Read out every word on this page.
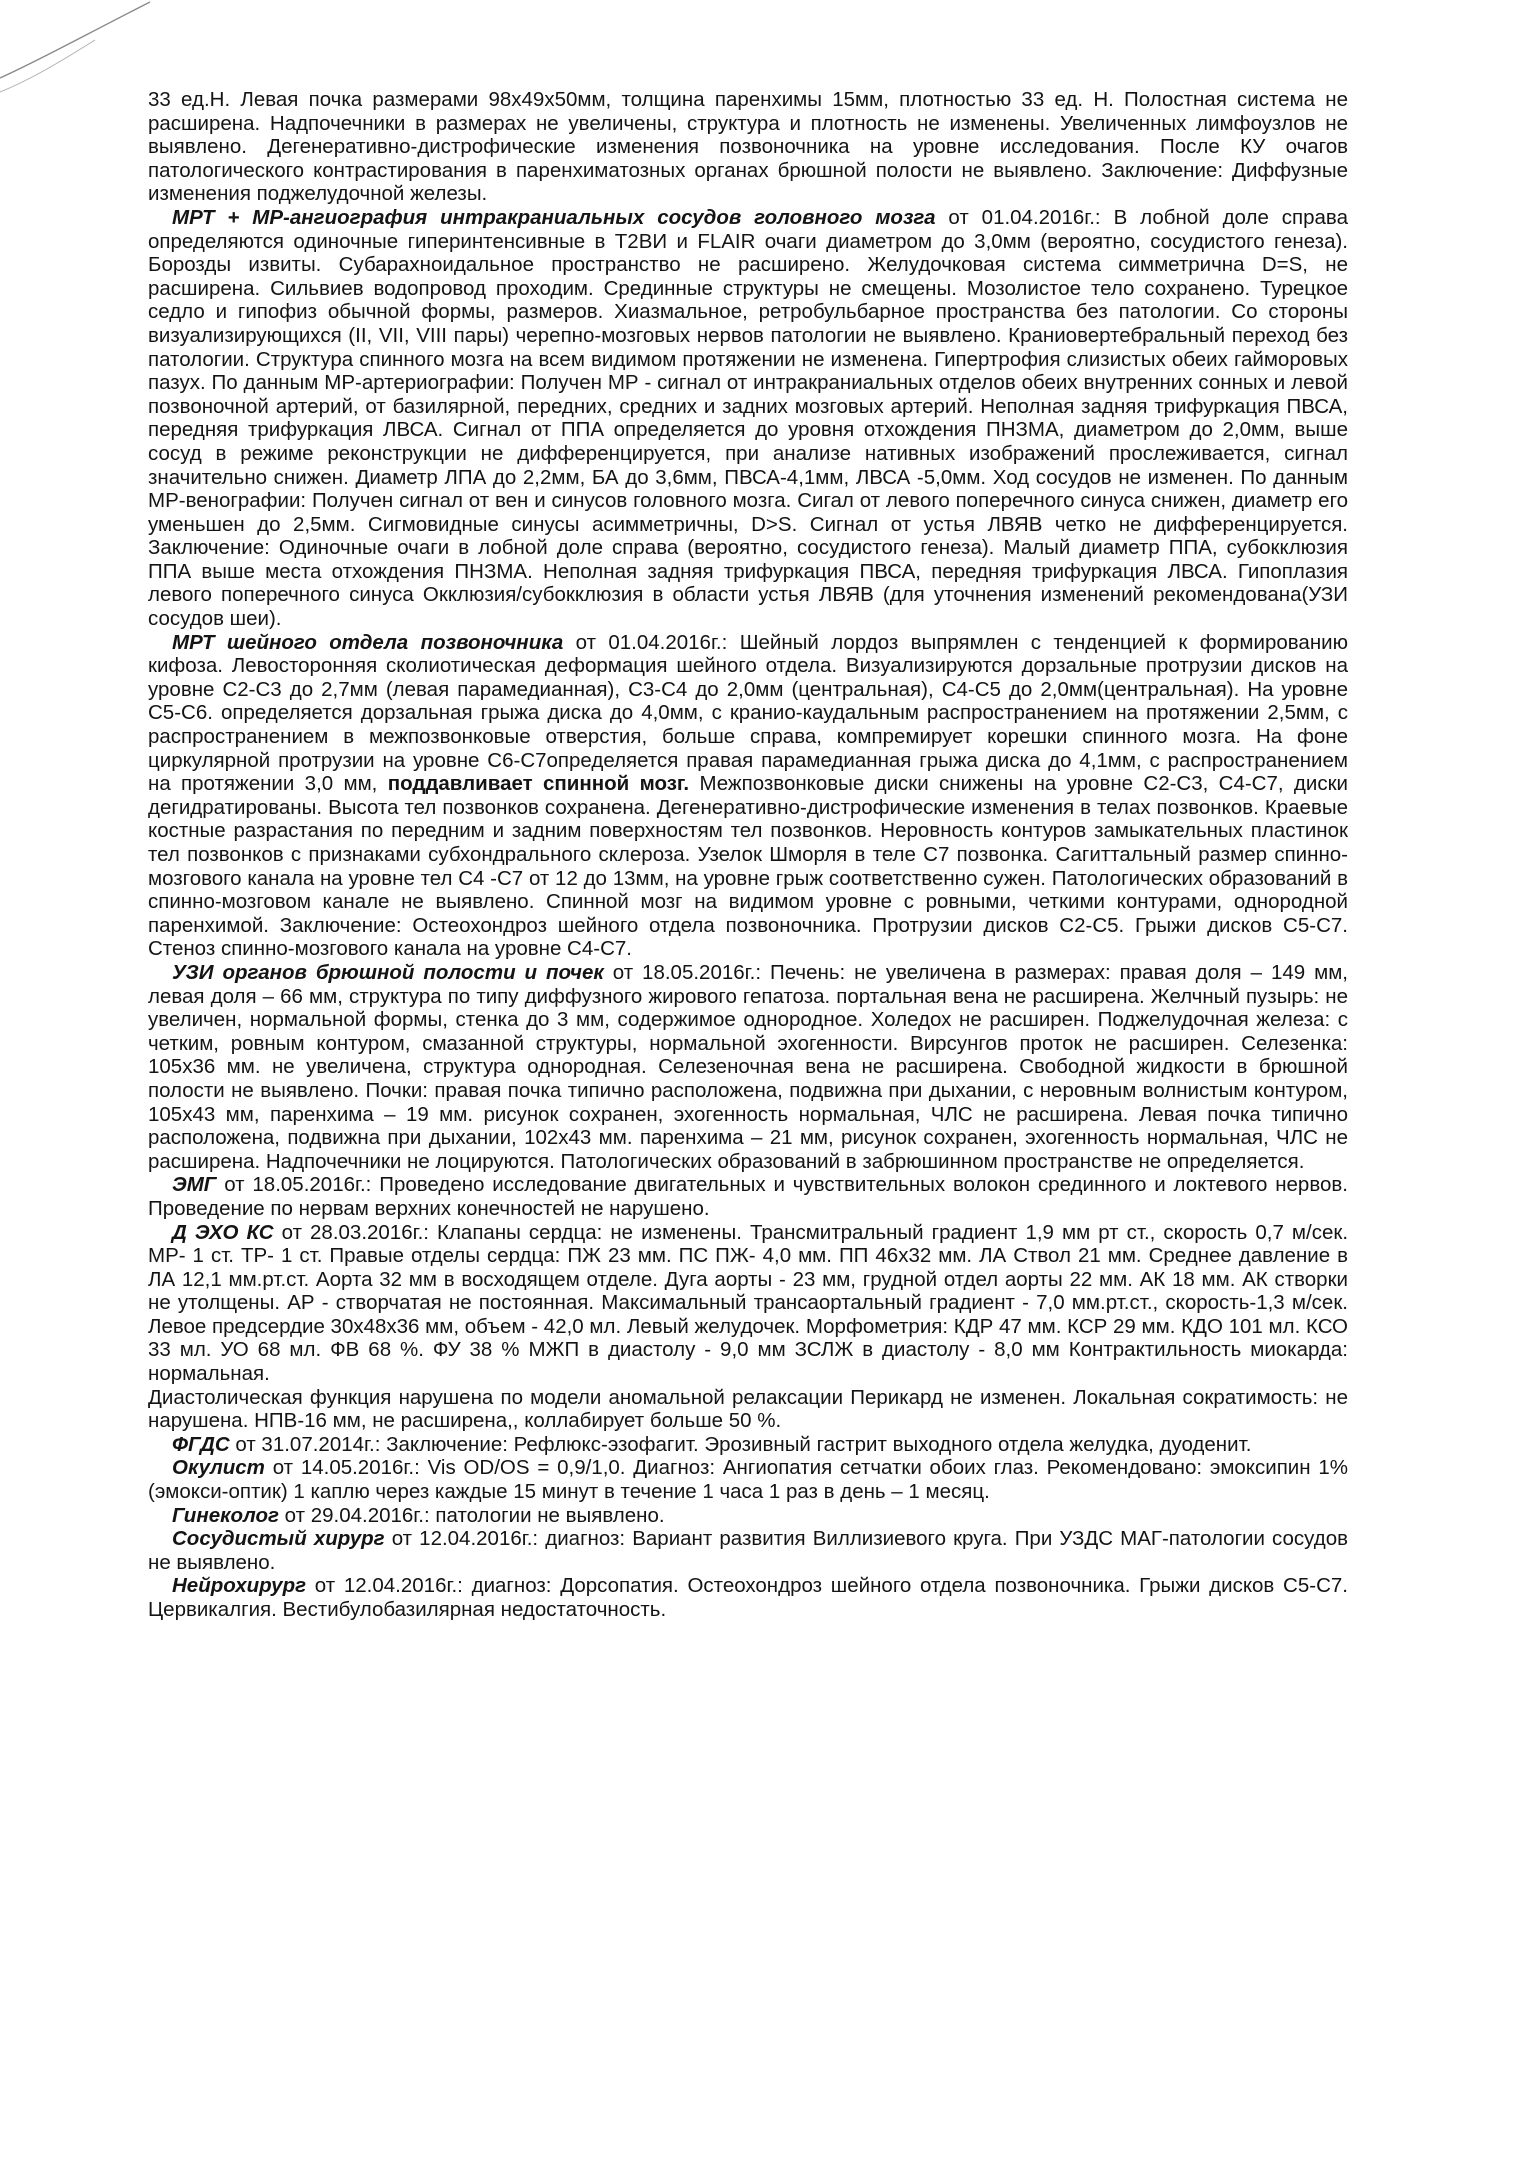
33 ед.Н. Левая почка размерами 98х49х50мм, толщина паренхимы 15мм, плотностью 33 ед. Н. Полостная система не расширена. Надпочечники в размерах не увеличены, структура и плотность не изменены. Увеличенных лимфоузлов не выявлено. Дегенеративно-дистрофические изменения позвоночника на уровне исследования. После КУ очагов патологического контрастирования в паренхиматозных органах брюшной полости не выявлено. Заключение: Диффузные изменения поджелудочной железы.

МРТ + МР-ангиография интракраниальных сосудов головного мозга от 01.04.2016г.: В лобной доле справа определяются одиночные гиперинтенсивные в T2ВИ и FLAIR очаги диаметром до 3,0мм (вероятно, сосудистого генеза). Борозды извиты. Субарахноидальное пространство не расширено. Желудочковая система симметрична D=S, не расширена. Сильвиев водопровод проходим. Срединные структуры не смещены. Мозолистое тело сохранено. Турецкое седло и гипофиз обычной формы, размеров. Хиазмальное, ретробульбарное пространства без патологии. Со стороны визуализирующихся (II, VII, VIII пары) черепно-мозговых нервов патологии не выявлено. Краниовертебральный переход без патологии. Структура спинного мозга на всем видимом протяжении не изменена. Гипертрофия слизистых обеих гайморовых пазух. По данным МР-артериографии: Получен МР - сигнал от интракраниальных отделов обеих внутренних сонных и левой позвоночной артерий, от базилярной, передних, средних и задних мозговых артерий. Неполная задняя трифуркация ПВСА, передняя трифуркация ЛВСА. Сигнал от ППА определяется до уровня отхождения ПНЗМА, диаметром до 2,0мм, выше сосуд в режиме реконструкции не дифференцируется, при анализе нативных изображений прослеживается, сигнал значительно снижен. Диаметр ЛПА до 2,2мм, БА до 3,6мм, ПВСА-4,1мм, ЛВСА -5,0мм. Ход сосудов не изменен. По данным МР-венографии: Получен сигнал от вен и синусов головного мозга. Сигал от левого поперечного синуса снижен, диаметр его уменьшен до 2,5мм. Сигмовидные синусы асимметричны, D>S. Сигнал от устья ЛВЯВ четко не дифференцируется. Заключение: Одиночные очаги в лобной доле справа (вероятно, сосудистого генеза). Малый диаметр ППА, субокклюзия ППА выше места отхождения ПНЗМА. Неполная задняя трифуркация ПВСА, передняя трифуркация ЛВСА. Гипоплазия левого поперечного синуса Окклюзия/субокклюзия в области устья ЛВЯВ (для уточнения изменений рекомендована(УЗИ сосудов шеи).

МРТ шейного отдела позвоночника от 01.04.2016г.: Шейный лордоз выпрямлен с тенденцией к формированию кифоза. Левосторонняя сколиотическая деформация шейного отдела. Визуализируются дорзальные протрузии дисков на уровне С2-С3 до 2,7мм (левая парамедианная), С3-С4 до 2,0мм (центральная), С4-С5 до 2,0мм(центральная). На уровне С5-С6. определяется дорзальная грыжа диска до 4,0мм, с кранио-каудальным распространением на протяжении 2,5мм, с распространением в межпозвонковые отверстия, больше справа, компремирует корешки спинного мозга. На фоне циркулярной протрузии на уровне С6-С7определяется правая парамедианная грыжа диска до 4,1мм, с распространением на протяжении 3,0 мм, поддавливает спинной мозг. Межпозвонковые диски снижены на уровне С2-С3, С4-С7, диски дегидратированы. Высота тел позвонков сохранена. Дегенеративно-дистрофические изменения в телах позвонков. Краевые костные разрастания по передним и задним поверхностям тел позвонков. Неровность контуров замыкательных пластинок тел позвонков с признаками субхондрального склероза. Узелок Шморля в теле С7 позвонка. Сагиттальный размер спинно-мозгового канала на уровне тел С4 -С7 от 12 до 13мм, на уровне грыж соответственно сужен. Патологических образований в спинно-мозговом канале не выявлено. Спинной мозг на видимом уровне с ровными, четкими контурами, однородной паренхимой. Заключение: Остеохондроз шейного отдела позвоночника. Протрузии дисков С2-С5. Грыжи дисков С5-С7. Стеноз спинно-мозгового канала на уровне С4-С7.

УЗИ органов брюшной полости и почек от 18.05.2016г.: Печень: не увеличена в размерах: правая доля – 149 мм, левая доля – 66 мм, структура по типу диффузного жирового гепатоза. портальная вена не расширена. Желчный пузырь: не увеличен, нормальной формы, стенка до 3 мм, содержимое однородное. Холедох не расширен. Поджелудочная железа: с четким, ровным контуром, смазанной структуры, нормальной эхогенности. Вирсунгов проток не расширен. Селезенка: 105х36 мм. не увеличена, структура однородная. Селезеночная вена не расширена. Свободной жидкости в брюшной полости не выявлено. Почки: правая почка типично расположена, подвижна при дыхании, с неровным волнистым контуром, 105х43 мм, паренхима – 19 мм. рисунок сохранен, эхогенность нормальная, ЧЛС не расширена. Левая почка типично расположена, подвижна при дыхании, 102х43 мм. паренхима – 21 мм, рисунок сохранен, эхогенность нормальная, ЧЛС не расширена. Надпочечники не лоцируются. Патологических образований в забрюшинном пространстве не определяется.

ЭМГ от 18.05.2016г.: Проведено исследование двигательных и чувствительных волокон срединного и локтевого нервов. Проведение по нервам верхних конечностей не нарушено.

Д ЭХО КС от 28.03.2016г.: Клапаны сердца: не изменены. Трансмитральный градиент 1,9 мм рт ст., скорость 0,7 м/сек. МР- 1 ст. ТР- 1 ст. Правые отделы сердца: ПЖ 23 мм. ПС ПЖ- 4,0 мм. ПП 46х32 мм. ЛА Ствол 21 мм. Среднее давление в ЛА 12,1 мм.рт.ст. Аорта 32 мм в восходящем отделе. Дуга аорты - 23 мм, грудной отдел аорты 22 мм. АК 18 мм. АК створки не утолщены. АР - створчатая не постоянная. Максимальный трансаортальный градиент - 7,0 мм.рт.ст., скорость-1,3 м/сек. Левое предсердие 30х48х36 мм, объем - 42,0 мл. Левый желудочек. Морфометрия: КДР 47 мм. КСР 29 мм. КДО 101 мл. КСО 33 мл. УО 68 мл. ФВ 68 %. ФУ 38 % МЖП в диастолу - 9,0 мм ЗСЛЖ в диастолу - 8,0 мм Контрактильность миокарда: нормальная.

Диастолическая функция нарушена по модели аномальной релаксации Перикард не изменен. Локальная сократимость: не нарушена. НПВ-16 мм, не расширена,, коллабирует больше 50 %.

ФГДС от 31.07.2014г.: Заключение: Рефлюкс-эзофагит. Эрозивный гастрит выходного отдела желудка, дуоденит.

Окулист от 14.05.2016г.: Vis OD/OS = 0,9/1,0. Диагноз: Ангиопатия сетчатки обоих глаз. Рекомендовано: эмоксипин 1% (эмокси-оптик) 1 каплю через каждые 15 минут в течение 1 часа 1 раз в день – 1 месяц.

Гинеколог от 29.04.2016г.: патологии не выявлено.

Сосудистый хирург от 12.04.2016г.: диагноз: Вариант развития Виллизиевого круга. При УЗДС МАГ-патологии сосудов не выявлено.

Нейрохирург от 12.04.2016г.: диагноз: Дорсопатия. Остеохондроз шейного отдела позвоночника. Грыжи дисков С5-С7. Цервикалгия. Вестибулобазилярная недостаточность.
